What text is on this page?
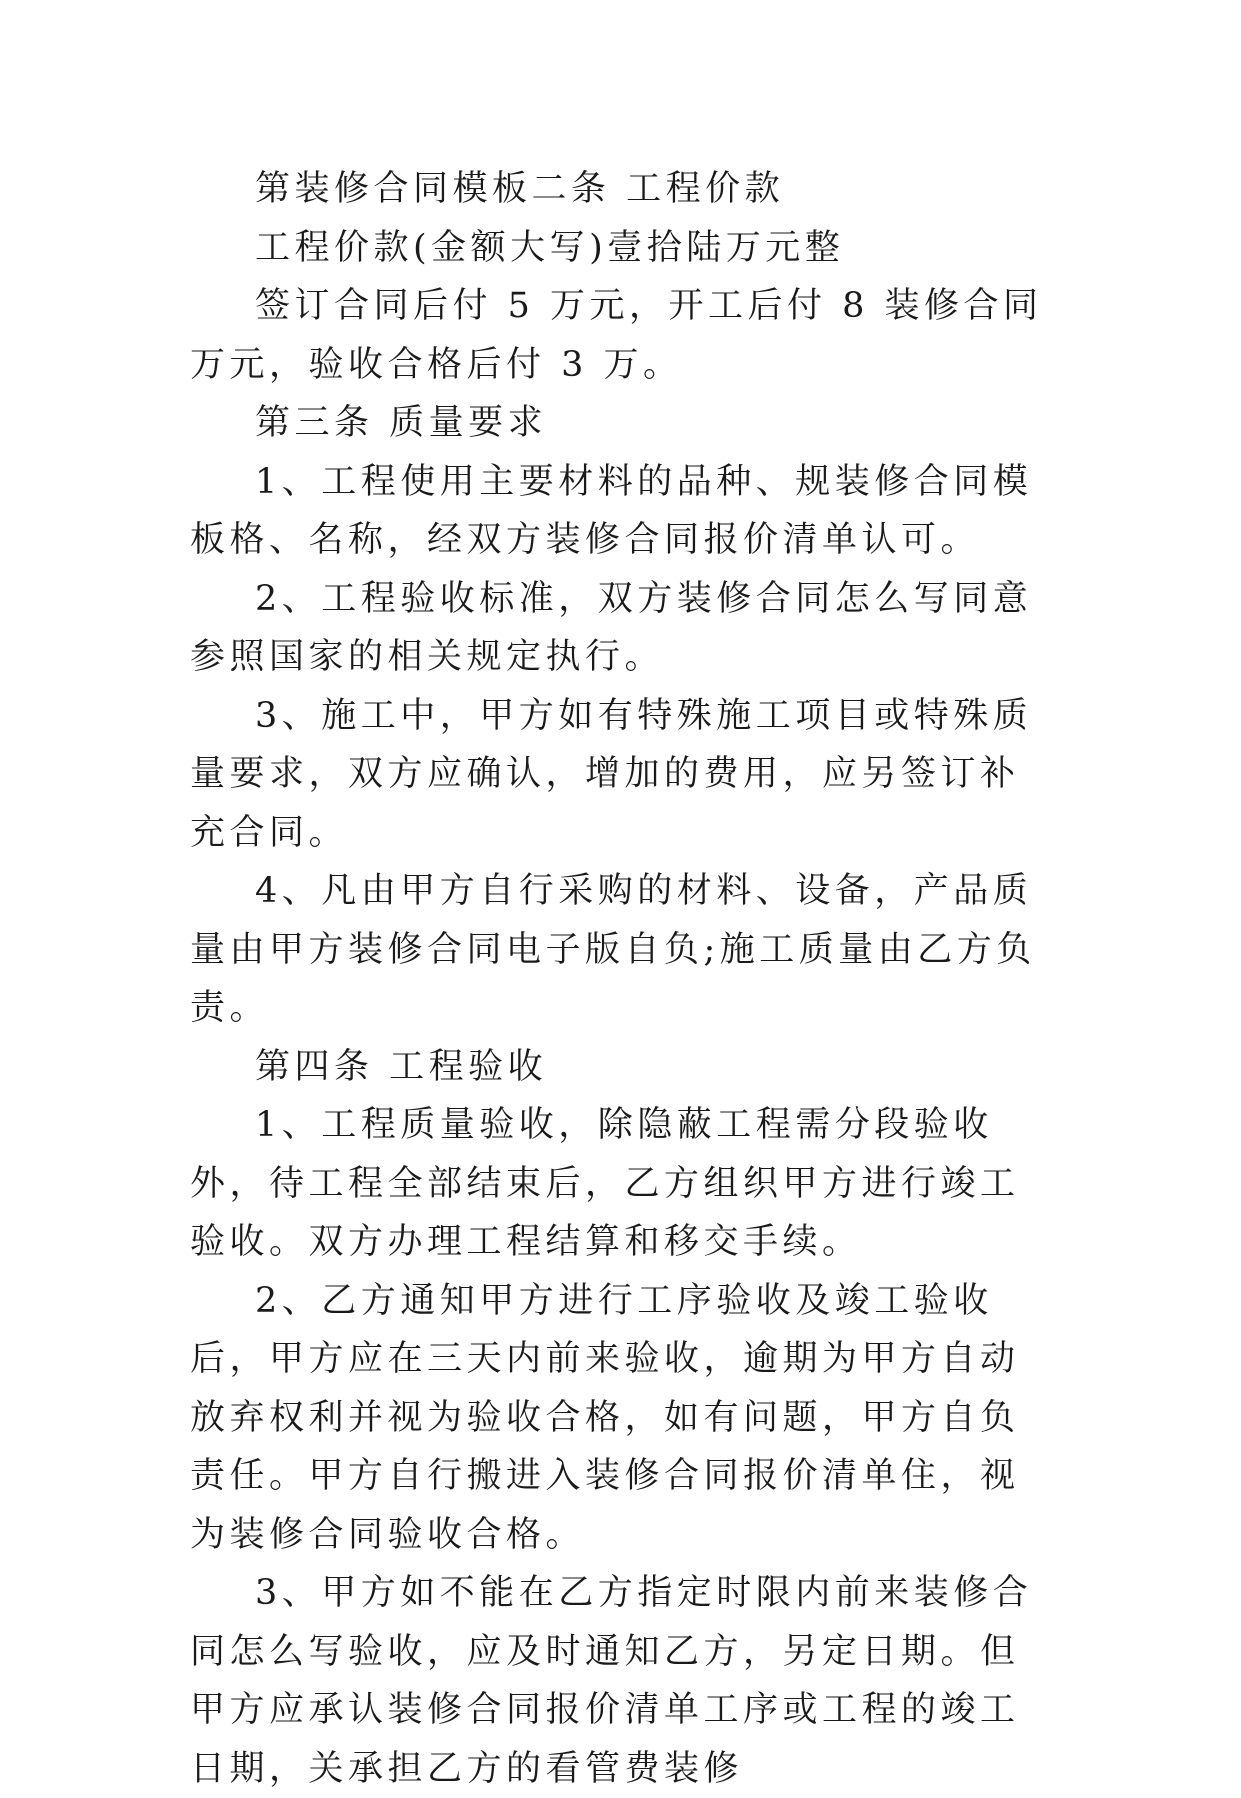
第装修合同模板二条 工程价款

工程价款(金额大写)壹拾陆万元整

签订合同后付 5 万元，开工后付 8 装修合同万元，验收合格后付 3 万。

第三条 质量要求

1、工程使用主要材料的品种、规装修合同模板格、名称，经双方装修合同报价清单认可。

2、工程验收标准，双方装修合同怎么写同意参照国家的相关规定执行。

3、施工中，甲方如有特殊施工项目或特殊质量要求，双方应确认，增加的费用，应另签订补充合同。

4、凡由甲方自行采购的材料、设备，产品质量由甲方装修合同电子版自负;施工质量由乙方负责。

第四条 工程验收

1、工程质量验收，除隐蔽工程需分段验收外，待工程全部结束后，乙方组织甲方进行竣工验收。双方办理工程结算和移交手续。

2、乙方通知甲方进行工序验收及竣工验收后，甲方应在三天内前来验收，逾期为甲方自动放弃权利并视为验收合格，如有问题，甲方自负责任。甲方自行搬进入装修合同报价清单住，视为装修合同验收合格。

3、甲方如不能在乙方指定时限内前来装修合同怎么写验收，应及时通知乙方，另定日期。但甲方应承认装修合同报价清单工序或工程的竣工日期，关承担乙方的看管费装修
